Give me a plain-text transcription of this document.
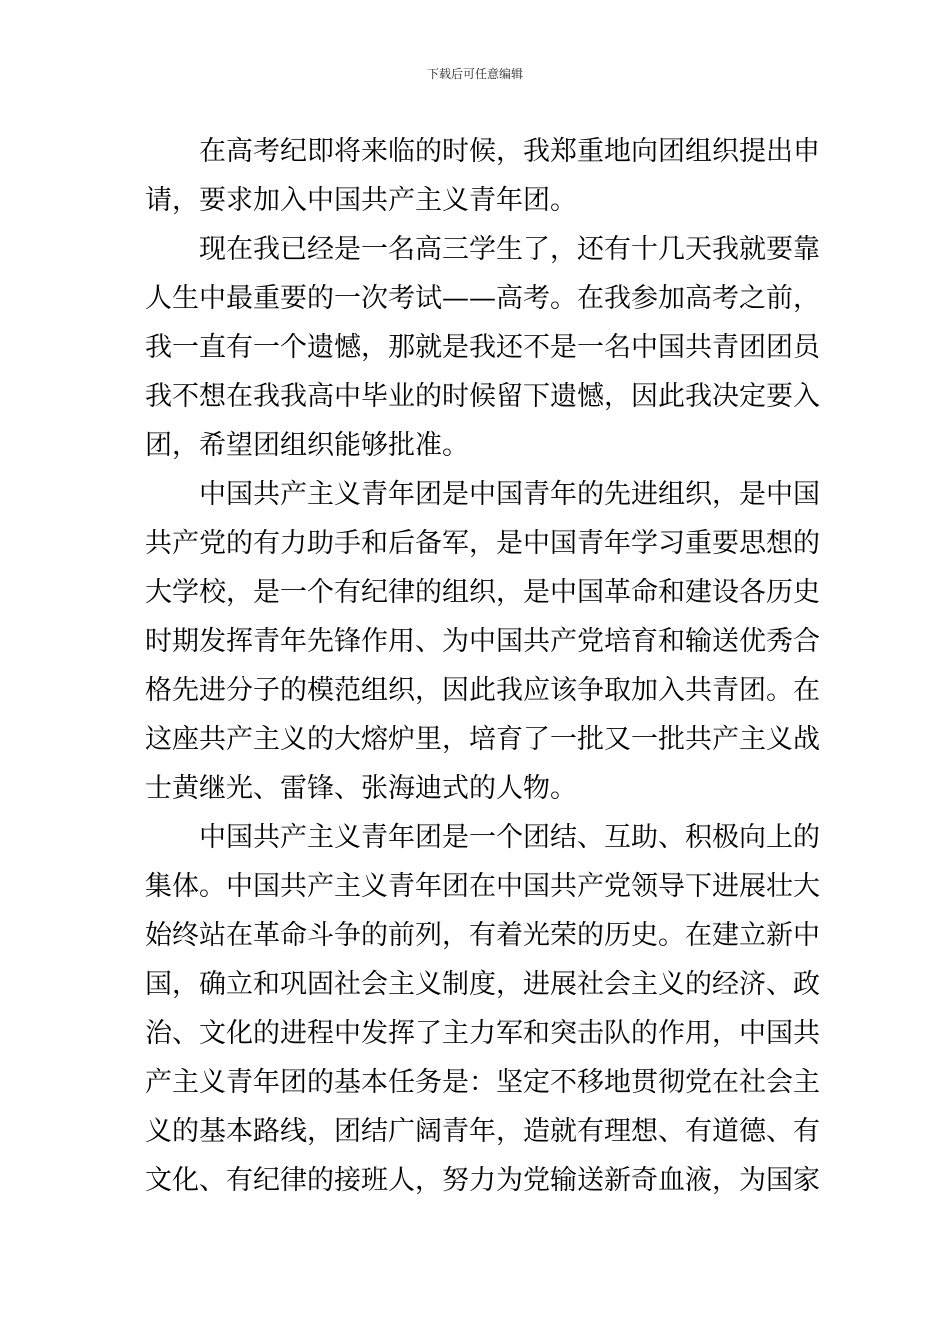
下载后可任意编辑
在高考纪即将来临的时候，我郑重地向团组织提出申
请，要求加入中国共产主义青年团。
现在我已经是一名高三学生了，还有十几天我就要靠
人生中最重要的一次考试——高考。在我参加高考之前，
我一直有一个遗憾，那就是我还不是一名中国共青团团员
我不想在我我高中毕业的时候留下遗憾，因此我决定要入
团，希望团组织能够批准。
中国共产主义青年团是中国青年的先进组织，是中国
共产党的有力助手和后备军，是中国青年学习重要思想的
大学校，是一个有纪律的组织，是中国革命和建设各历史
时期发挥青年先锋作用、为中国共产党培育和输送优秀合
格先进分子的模范组织，因此我应该争取加入共青团。在
这座共产主义的大熔炉里，培育了一批又一批共产主义战
士黄继光、雷锋、张海迪式的人物。
中国共产主义青年团是一个团结、互助、积极向上的
集体。中国共产主义青年团在中国共产党领导下进展壮大
始终站在革命斗争的前列，有着光荣的历史。在建立新中
国，确立和巩固社会主义制度，进展社会主义的经济、政
治、文化的进程中发挥了主力军和突击队的作用，中国共
产主义青年团的基本任务是：坚定不移地贯彻党在社会主
义的基本路线，团结广阔青年，造就有理想、有道德、有
文化、有纪律的接班人，努力为党输送新奇血液，为国家
